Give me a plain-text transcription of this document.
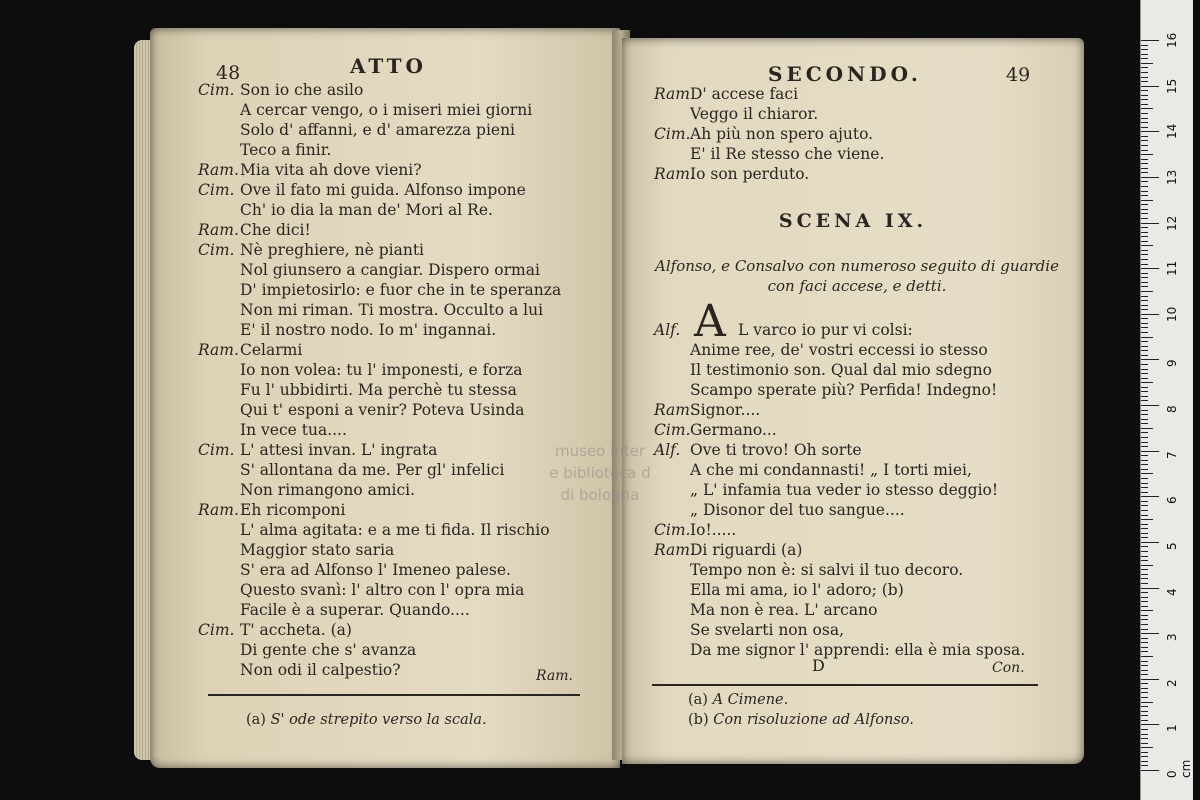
48	ATTO
Cim. Son io che asilo
A cercar vengo, o i miseri miei giorni
Solo d' affanni, e d' amarezza pieni
Teco a finir.
Ram. Mia vita ah dove vieni?
Cim. Ove il fato mi guida. Alfonso impone
Ch' io dia la man de' Mori al Re.
Ram. Che dici!
Cim. Nè preghiere, nè pianti
Nol giunsero a cangiar. Dispero ormai
D' impietosirlo: e fuor che in te speranza
Non mi riman. Ti mostra. Occulto a lui
E' il nostro nodo. Io m' ingannai.
Ram. Celarmi
Io non volea: tu l' imponesti, e forza
Fu l' ubbidirti. Ma perchè tu stessa
Qui t' esponi a venir? Poteva Usinda
In vece tua....
Cim. L' attesi invan. L' ingrata
S' allontana da me. Per gl' infelici
Non rimangono amici.
Ram. Eh ricomponi
L' alma agitata: e a me ti fida. Il rischio
Maggior stato saria
S' era ad Alfonso l' Imeneo palese.
Questo svanì: l' altro con l' opra mia
Facile è a superar. Quando....
Cim. T' accheta. (a)
Di gente che s' avanza
Non odi il calpestio?	Ram.
(a) S' ode strepito verso la scala.
SECONDO.	49
Ram D' accese faci
Veggo il chiaror.
Cim. Ah più non spero ajuto.
E' il Re stesso che viene.
Ram.
Io son perduto.
SCENA IX.
Alfonso, e Consalvo con numeroso seguito di guardie
con faci accese, e detti.
A
Alf.	L varco io pur vi colsi:
Anime ree, de' vostri eccessi io stesso
Il testimonio son. Qual dal mio sdegno
Scampo sperate più? Perfida! Indegno!
Ram.
Signor....
Cim. Germano...
Alf. Ove ti trovo! Oh sorte
A che mi condannasti! „ I torti miei,
„ L' infamia tua veder io stesso deggio!
„ Disonor del tuo sangue....
Cim. Io!.....
Ram.
Di riguardi (a)
Tempo non è: si salvi il tuo decoro.
Ella mi ama, io l' adoro; (b)
Ma non è rea. L' arcano
Se svelarti non osa,
Da me signor l' apprendi: ella è mia sposa.
D	Con.
(a) A Cimene.
(b) Con risoluzione ad Alfonso.
museo inter
e biblioteca d
di bologna
16
15
14
13
12
11
10
9
8
7
6
5
4
3
2
1
0 cm
